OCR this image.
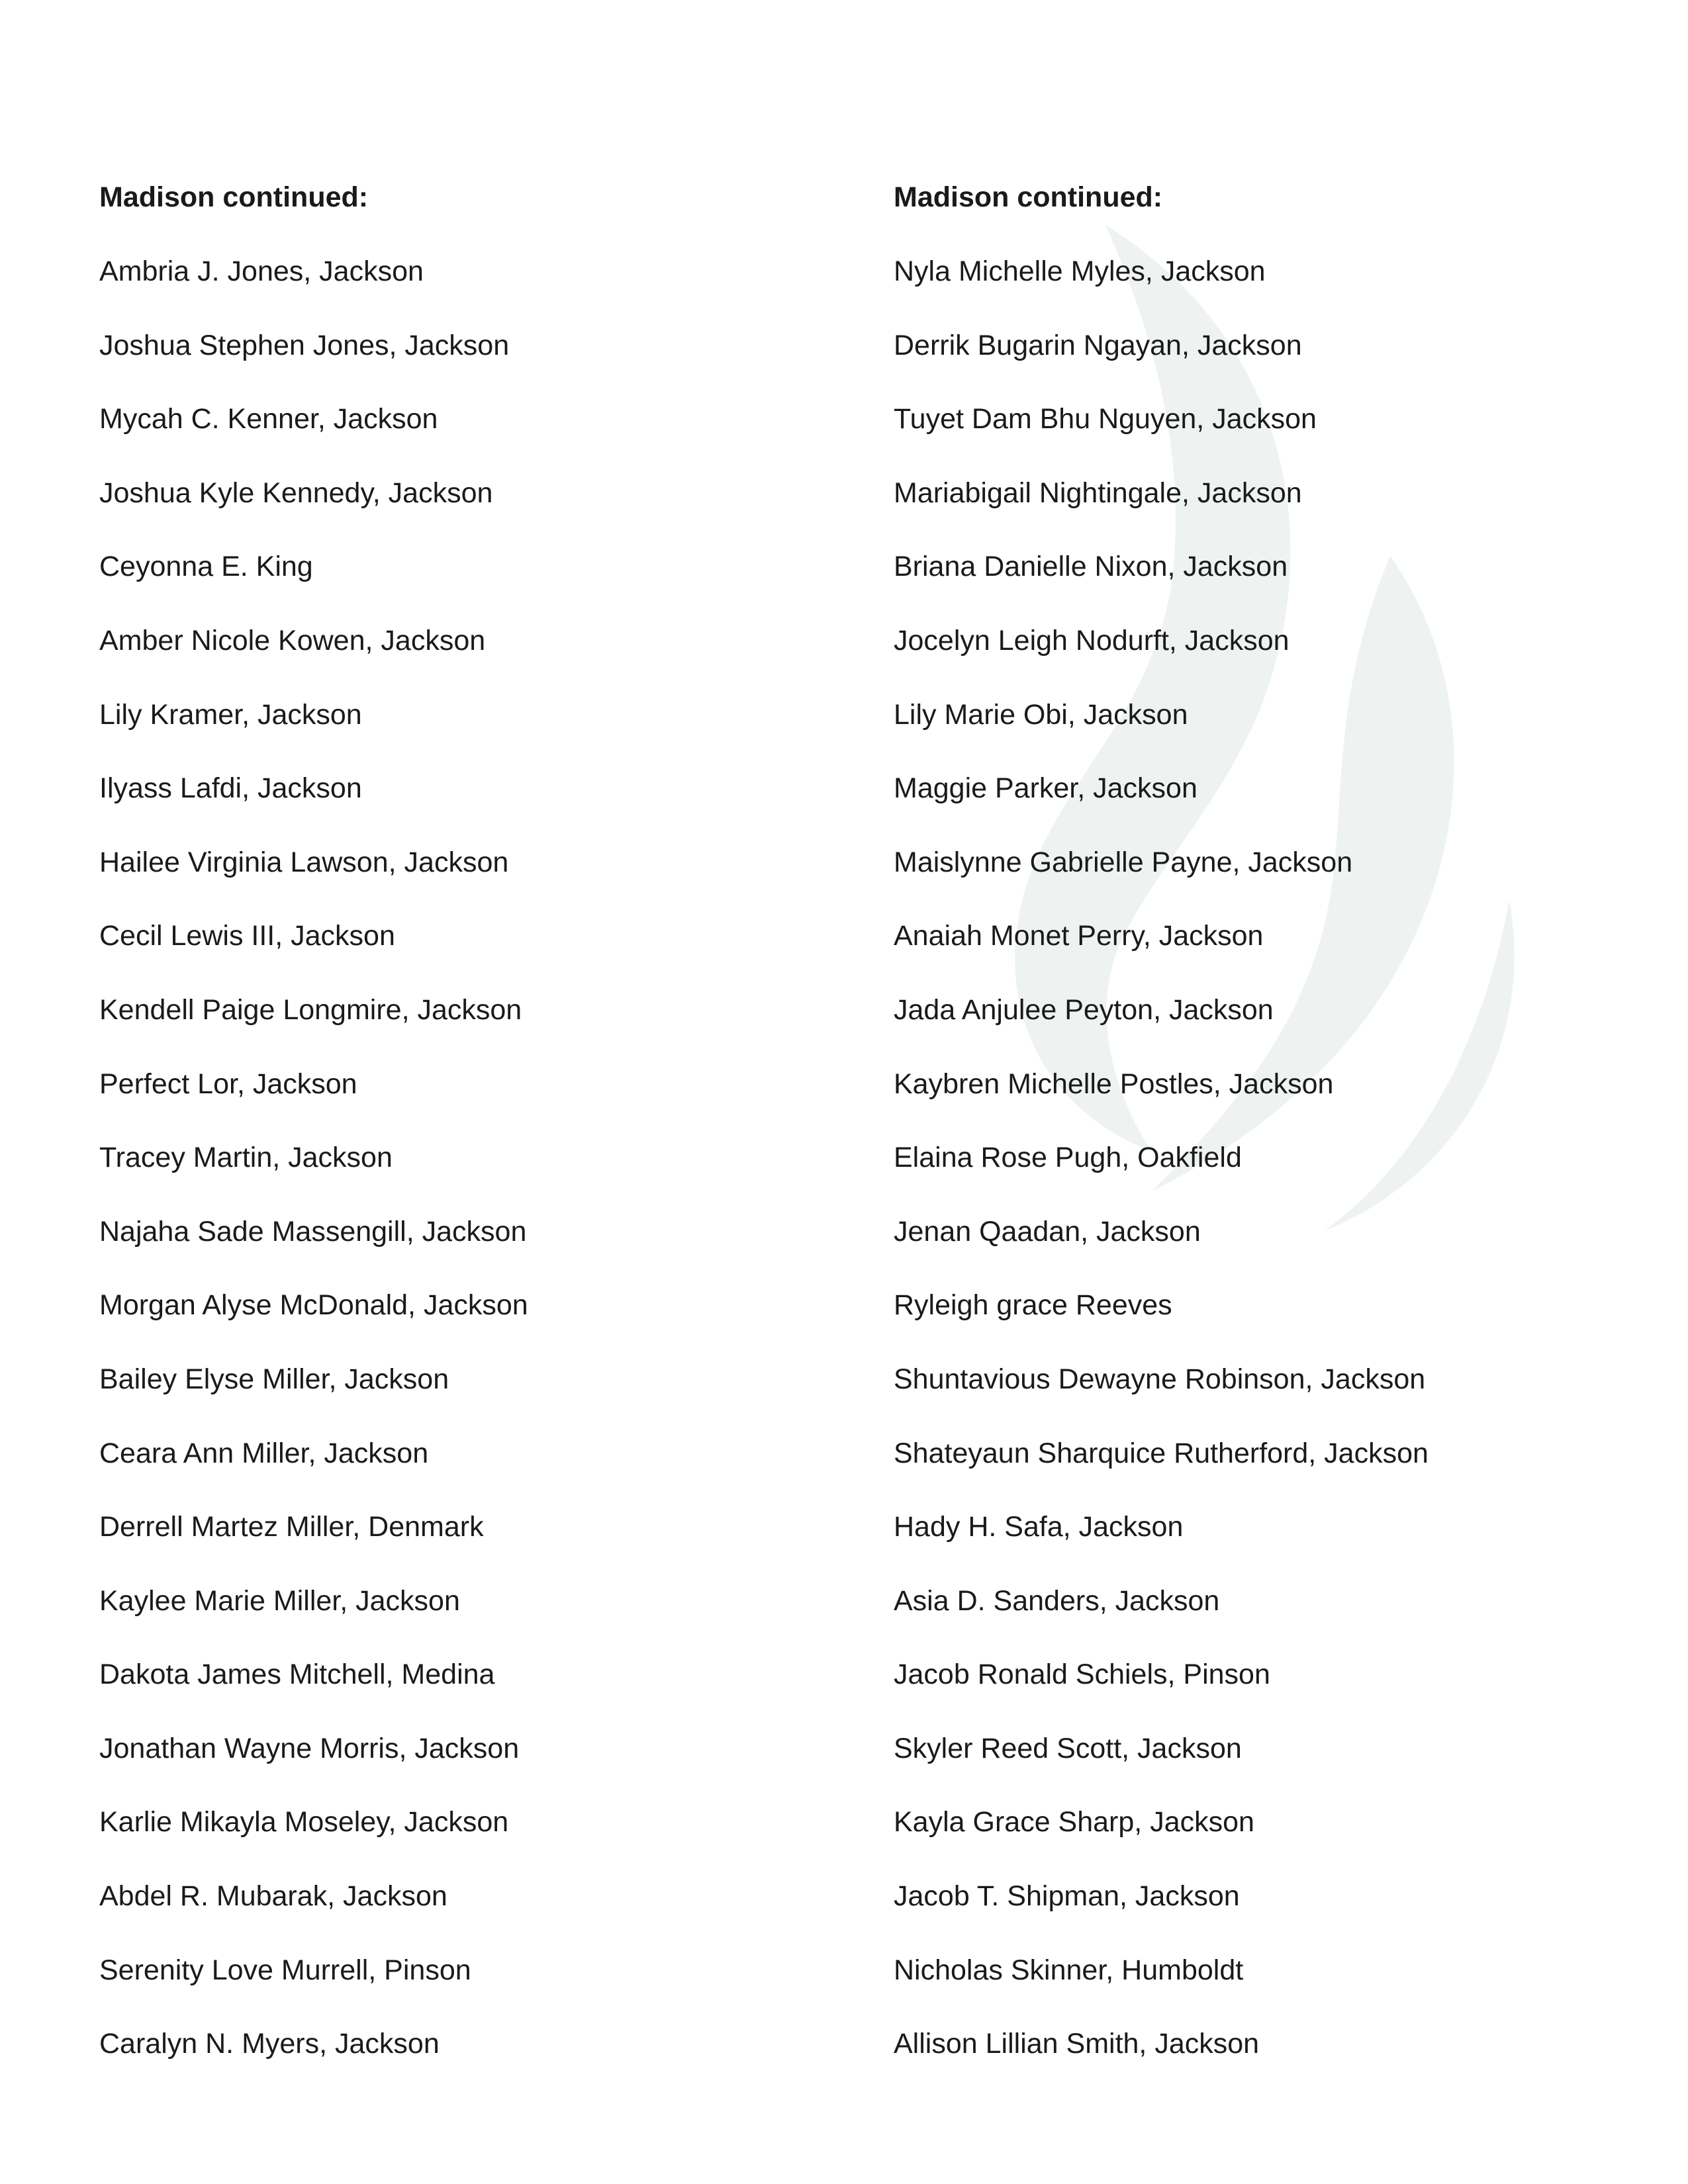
Madison continued:
Ambria J. Jones, Jackson
Joshua Stephen Jones, Jackson
Mycah C. Kenner, Jackson
Joshua Kyle Kennedy, Jackson
Ceyonna E. King
Amber Nicole Kowen, Jackson
Lily Kramer, Jackson
Ilyass Lafdi, Jackson
Hailee Virginia Lawson, Jackson
Cecil Lewis III, Jackson
Kendell Paige Longmire, Jackson
Perfect Lor, Jackson
Tracey Martin, Jackson
Najaha Sade Massengill, Jackson
Morgan Alyse McDonald, Jackson
Bailey Elyse Miller, Jackson
Ceara Ann Miller, Jackson
Derrell Martez Miller, Denmark
Kaylee Marie Miller, Jackson
Dakota James Mitchell, Medina
Jonathan Wayne Morris, Jackson
Karlie Mikayla Moseley, Jackson
Abdel R. Mubarak, Jackson
Serenity Love Murrell, Pinson
Caralyn N. Myers, Jackson
Madison continued:
Nyla Michelle Myles, Jackson
Derrik Bugarin Ngayan, Jackson
Tuyet Dam Bhu Nguyen, Jackson
Mariabigail Nightingale, Jackson
Briana Danielle Nixon, Jackson
Jocelyn Leigh Nodurft, Jackson
Lily Marie Obi, Jackson
Maggie Parker, Jackson
Maislynne Gabrielle Payne, Jackson
Anaiah Monet Perry, Jackson
Jada Anjulee Peyton, Jackson
Kaybren Michelle Postles, Jackson
Elaina Rose Pugh, Oakfield
Jenan Qaadan, Jackson
Ryleigh grace Reeves
Shuntavious Dewayne Robinson, Jackson
Shateyaun Sharquice Rutherford, Jackson
Hady H. Safa, Jackson
Asia D. Sanders, Jackson
Jacob Ronald Schiels, Pinson
Skyler Reed Scott, Jackson
Kayla Grace Sharp, Jackson
Jacob T. Shipman, Jackson
Nicholas Skinner, Humboldt
Allison Lillian Smith, Jackson
